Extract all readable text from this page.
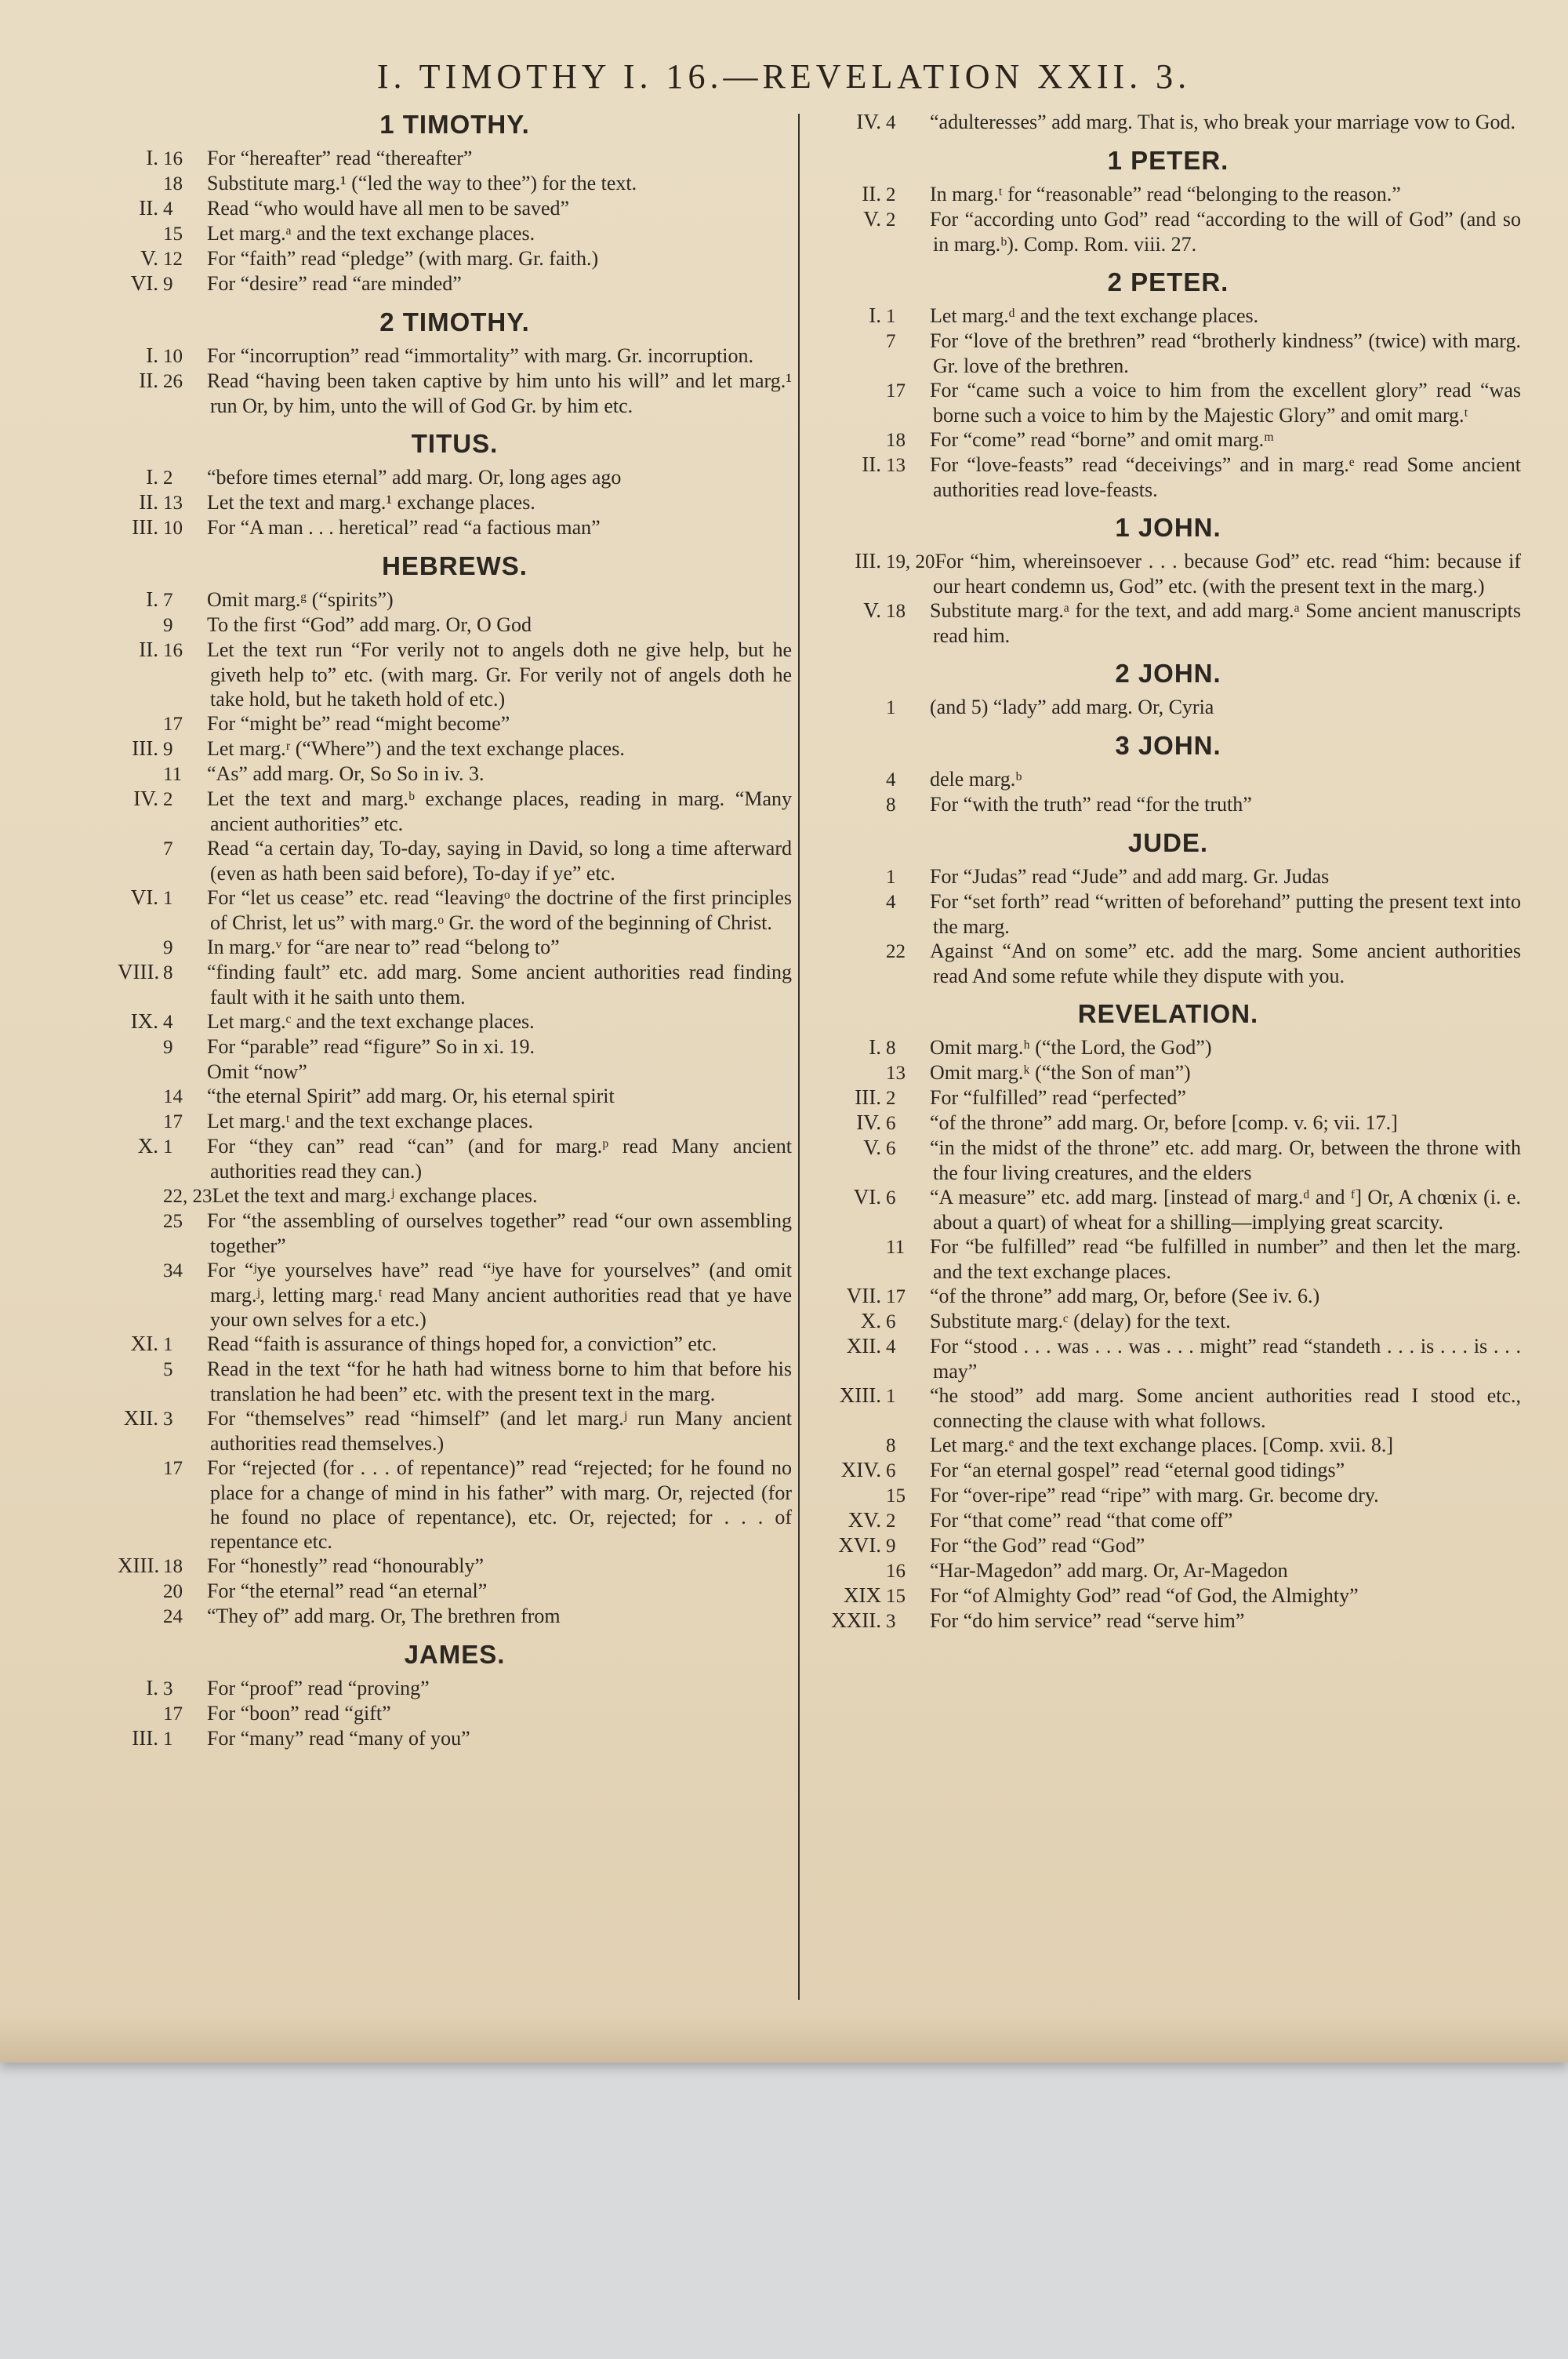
I. TIMOTHY I. 16.—REVELATION XXII. 3.
1 TIMOTHY.

I. 16 For “hereafter” read “thereafter”

18 Substitute marg.¹ (“led the way to thee”) for the text.

II. 4 Read “who would have all men to be saved”

15 Let marg.ᵃ and the text exchange places.

V. 12 For “faith” read “pledge” (with marg. Gr. faith.)

VI. 9 For “desire” read “are minded”

2 TIMOTHY.

I. 10 For “incorruption” read “immortality” with marg. Gr. incorruption.

II. 26 Read “having been taken captive by him unto his will” and let marg.¹ run Or, by him, unto the will of God Gr. by him etc.

TITUS.

I. 2 “before times eternal” add marg. Or, long ages ago

II. 13 Let the text and marg.¹ exchange places.

III. 10 For “A man . . . heretical” read “a factious man”

HEBREWS.

I. 7 Omit marg.ᵍ (“spirits”)

9 To the first “God” add marg. Or, O God

II. 16 Let the text run “For verily not to angels doth ne give help, but he giveth help to” etc. (with marg. Gr. For verily not of angels doth he take hold, but he taketh hold of etc.)

17 For “might be” read “might become”

III. 9 Let marg.ʳ (“Where”) and the text exchange places.

11 “As” add marg. Or, So So in iv. 3.

IV. 2 Let the text and marg.ᵇ exchange places, reading in marg. “Many ancient authorities” etc.

7 Read “a certain day, To-day, saying in David, so long a time afterward (even as hath been said before), To-day if ye” etc.

VI. 1 For “let us cease” etc. read “leavingᵒ the doctrine of the first principles of Christ, let us” with marg.ᵒ Gr. the word of the beginning of Christ.

9 In marg.ᵛ for “are near to” read “belong to”

VIII. 8 “finding fault” etc. add marg. Some ancient authorities read finding fault with it he saith unto them.

IX. 4 Let marg.ᶜ and the text exchange places.

9 For “parable” read “figure” So in xi. 19.

Omit “now”

14 “the eternal Spirit” add marg. Or, his eternal spirit

17 Let marg.ᵗ and the text exchange places.

X. 1 For “they can” read “can” (and for marg.ᵖ read Many ancient authorities read they can.)

22, 23Let the text and marg.ʲ exchange places.

25 For “the assembling of ourselves together” read “our own assembling together”

34 For “ʲye yourselves have” read “ʲye have for yourselves” (and omit marg.ʲ, letting marg.ᵗ read Many ancient authorities read that ye have your own selves for a etc.)

XI. 1 Read “faith is assurance of things hoped for, a conviction” etc.

5 Read in the text “for he hath had witness borne to him that before his translation he had been” etc. with the present text in the marg.

XII. 3 For “themselves” read “himself” (and let marg.ʲ run Many ancient authorities read themselves.)

17 For “rejected (for . . . of repentance)” read “rejected; for he found no place for a change of mind in his father” with marg. Or, rejected (for he found no place of repentance), etc. Or, rejected; for . . . of repentance etc.

XIII. 18 For “honestly” read “honourably”

20 For “the eternal” read “an eternal”

24 “They of” add marg. Or, The brethren from

JAMES.

I. 3 For “proof” read “proving”

17 For “boon” read “gift”

III. 1 For “many” read “many of you”

IV. 4 “adulteresses” add marg. That is, who break your marriage vow to God.

1 PETER.

II. 2 In marg.ᵗ for “reasonable” read “belonging to the reason.”

V. 2 For “according unto God” read “according to the will of God” (and so in marg.ᵇ). Comp. Rom. viii. 27.

2 PETER.

I. 1 Let marg.ᵈ and the text exchange places.

7 For “love of the brethren” read “brotherly kindness” (twice) with marg. Gr. love of the brethren.

17 For “came such a voice to him from the excellent glory” read “was borne such a voice to him by the Majestic Glory” and omit marg.ᵗ

18 For “come” read “borne” and omit marg.ᵐ

II. 13 For “love-feasts” read “deceivings” and in marg.ᵉ read Some ancient authorities read love-feasts.

1 JOHN.

III. 19, 20For “him, whereinsoever . . . because God” etc. read “him: because if our heart condemn us, God” etc. (with the present text in the marg.)

V. 18 Substitute marg.ᵃ for the text, and add marg.ᵃ Some ancient manuscripts read him.

2 JOHN.

1 (and 5) “lady” add marg. Or, Cyria

3 JOHN.

4 dele marg.ᵇ

8 For “with the truth” read “for the truth”

JUDE.

1 For “Judas” read “Jude” and add marg. Gr. Judas

4 For “set forth” read “written of beforehand” putting the present text into the marg.

22 Against “And on some” etc. add the marg. Some ancient authorities read And some refute while they dispute with you.

REVELATION.

I. 8 Omit marg.ʰ (“the Lord, the God”)

13 Omit marg.ᵏ (“the Son of man”)

III. 2 For “fulfilled” read “perfected”

IV. 6 “of the throne” add marg. Or, before [comp. v. 6; vii. 17.]

V. 6 “in the midst of the throne” etc. add marg. Or, between the throne with the four living creatures, and the elders

VI. 6 “A measure” etc. add marg. [instead of marg.ᵈ and ᶠ] Or, A chœnix (i. e. about a quart) of wheat for a shilling—implying great scarcity.

11 For “be fulfilled” read “be fulfilled in number” and then let the marg. and the text exchange places.

VII. 17 “of the throne” add marg, Or, before (See iv. 6.)

X. 6 Substitute marg.ᶜ (delay) for the text.

XII. 4 For “stood . . . was . . . was . . . might” read “standeth . . . is . . . is . . . may”

XIII. 1 “he stood” add marg. Some ancient authorities read I stood etc., connecting the clause with what follows.

8 Let marg.ᵉ and the text exchange places. [Comp. xvii. 8.]

XIV. 6 For “an eternal gospel” read “eternal good tidings”

15 For “over-ripe” read “ripe” with marg. Gr. become dry.

XV. 2 For “that come” read “that come off”

XVI. 9 For “the God” read “God”

16 “Har-Magedon” add marg. Or, Ar-Magedon

XIX 15 For “of Almighty God” read “of God, the Almighty”

XXII. 3 For “do him service” read “serve him”
